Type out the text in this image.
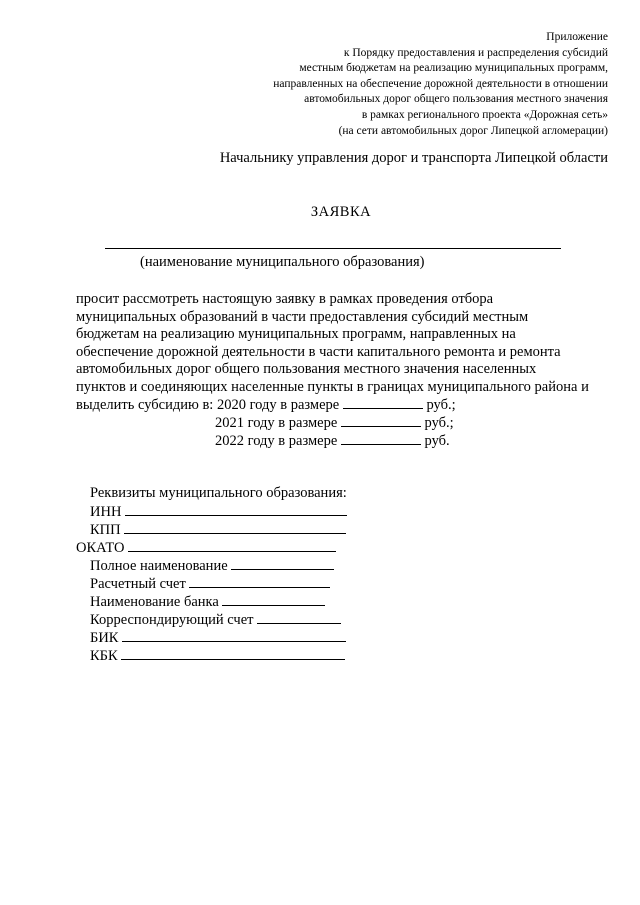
Приложение
к Порядку предоставления и распределения субсидий
местным бюджетам на реализацию муниципальных программ,
направленных на обеспечение дорожной деятельности в отношении
автомобильных дорог общего пользования местного значения
в рамках регионального проекта «Дорожная сеть»
(на сети автомобильных дорог Липецкой агломерации)
Начальнику управления дорог и транспорта Липецкой области
ЗАЯВКА
(наименование муниципального образования)
просит рассмотреть настоящую заявку в рамках проведения отбора
муниципальных образований в части предоставления субсидий местным
бюджетам на реализацию муниципальных программ, направленных на
обеспечение дорожной деятельности в части капитального ремонта и ремонта
автомобильных дорог общего пользования местного значения населенных
пунктов и соединяющих населенные пункты в границах муниципального района и
выделить субсидию в: 2020 году в размере	руб.;
2021 году в размере	руб.;
2022 году в размере	руб.
Реквизиты муниципального образования:
ИНН
КПП
ОКАТО
Полное наименование
Расчетный счет
Наименование банка
Корреспондирующий счет
БИК
КБК
